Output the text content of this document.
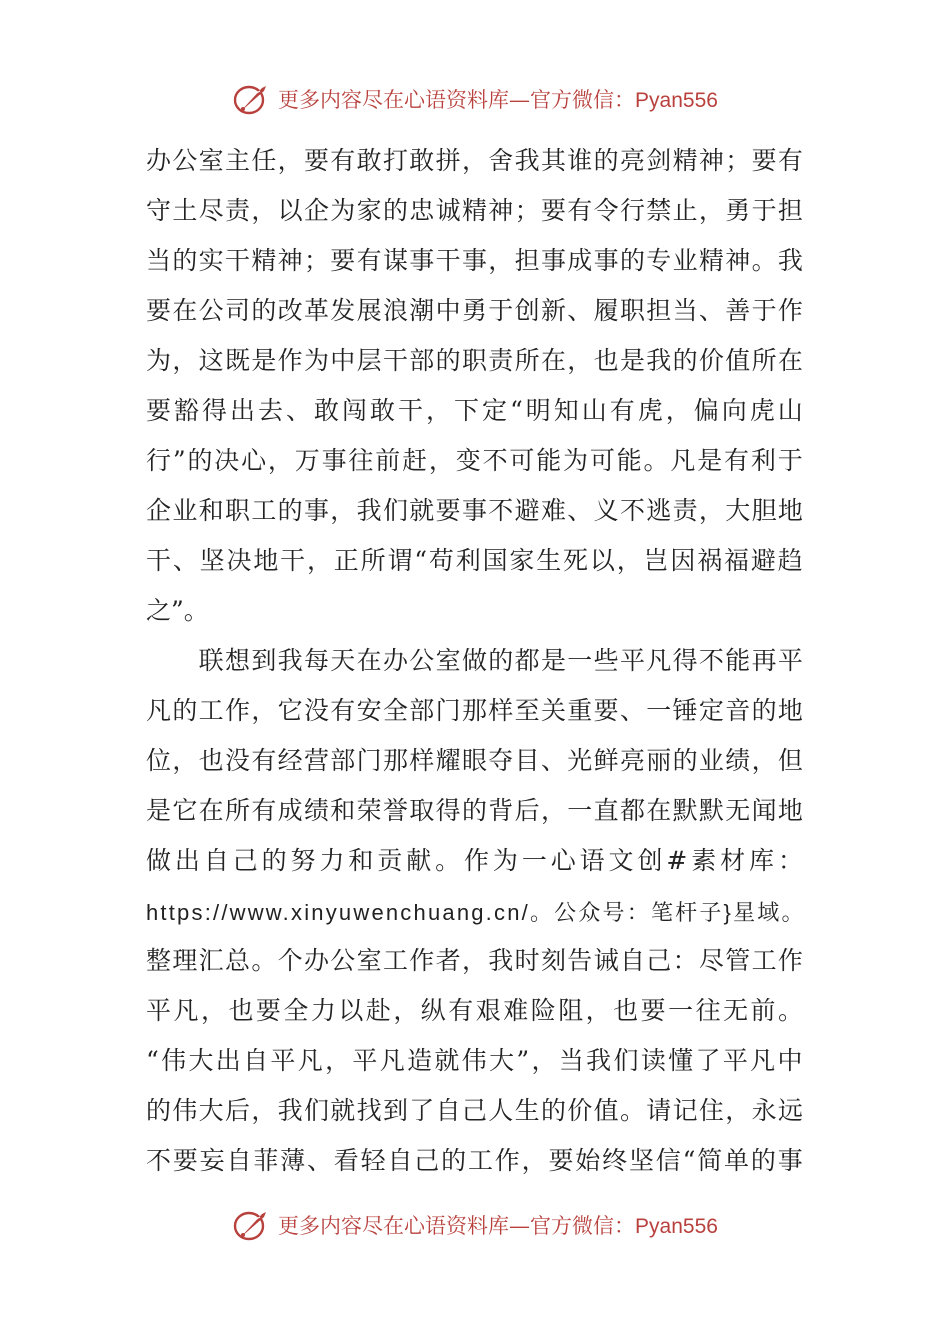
更多内容尽在心语资料库—官方微信：Pyan556
办公室主任，要有敢打敢拼，舍我其谁的亮剑精神；要有
守土尽责，以企为家的忠诚精神；要有令行禁止，勇于担
当的实干精神；要有谋事干事，担事成事的专业精神。我
要在公司的改革发展浪潮中勇于创新、履职担当、善于作
为，这既是作为中层干部的职责所在，也是我的价值所在
要豁得出去、敢闯敢干，下定“明知山有虎，偏向虎山
行”的决心，万事往前赶，变不可能为可能。凡是有利于
企业和职工的事，我们就要事不避难、义不逃责，大胆地
干、坚决地干，正所谓“苟利国家生死以，岂因祸福避趋
之”。
　　联想到我每天在办公室做的都是一些平凡得不能再平
凡的工作，它没有安全部门那样至关重要、一锤定音的地
位，也没有经营部门那样耀眼夺目、光鲜亮丽的业绩，但
是它在所有成绩和荣誉取得的背后，一直都在默默无闻地
做出自己的努力和贡献。作为一心语文创#素材库：
https://www.xinyuwenchuang.cn/。公众号：笔杆子}星域。
整理汇总。个办公室工作者，我时刻告诫自己：尽管工作
平凡，也要全力以赴，纵有艰难险阻，也要一往无前。
“伟大出自平凡，平凡造就伟大”，当我们读懂了平凡中
的伟大后，我们就找到了自己人生的价值。请记住，永远
不要妄自菲薄、看轻自己的工作，要始终坚信“简单的事
更多内容尽在心语资料库—官方微信：Pyan556
